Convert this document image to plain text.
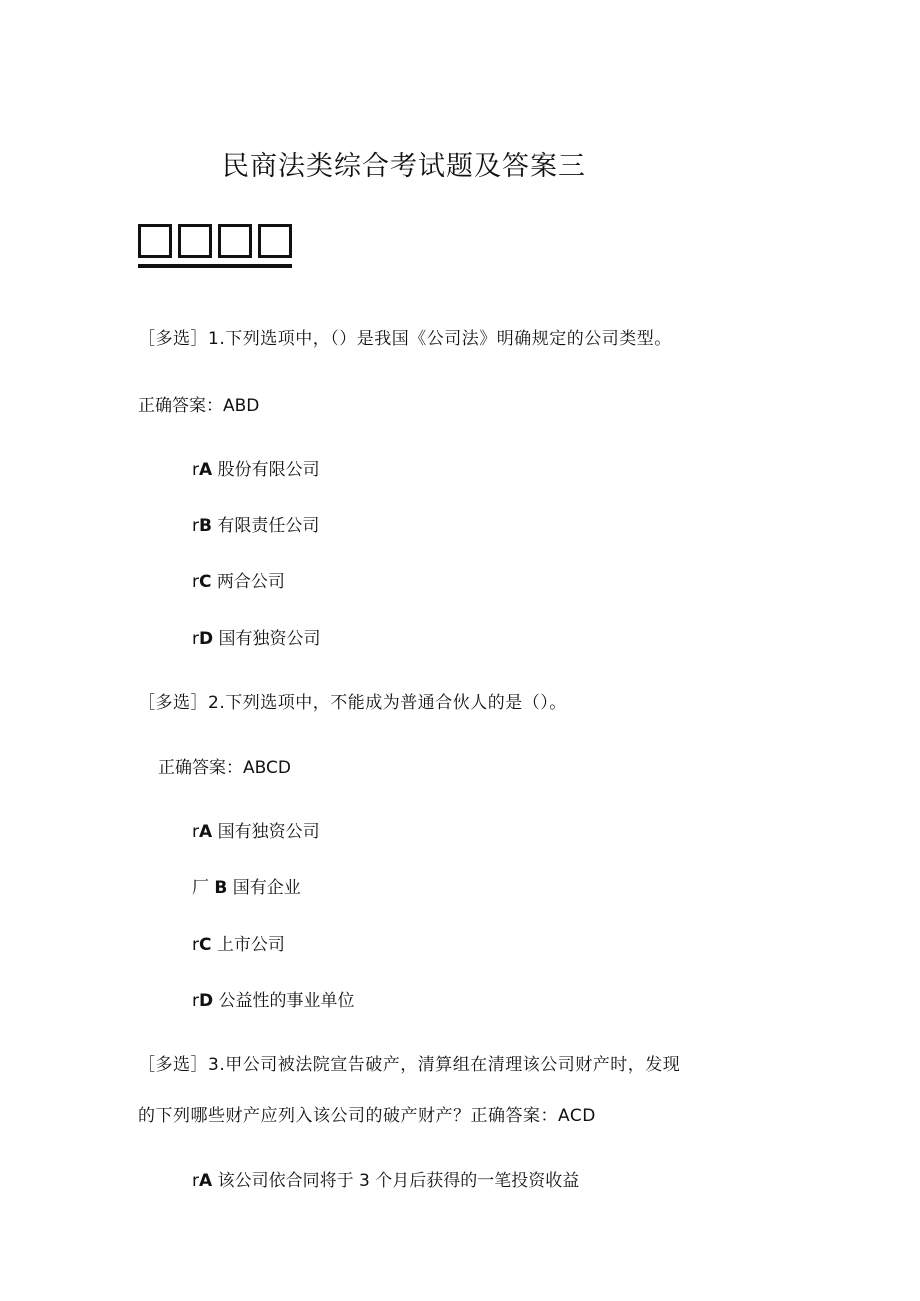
民商法类综合考试题及答案三
［多选］1.下列选项中，（）是我国《公司法》明确规定的公司类型。
正确答案：ABD
rA 股份有限公司
rB 有限责任公司
rC 两合公司
rD 国有独资公司
［多选］2.下列选项中，不能成为普通合伙人的是（）。
正确答案：ABCD
rA 国有独资公司
厂 B 国有企业
rC 上市公司
rD 公益性的事业单位
［多选］3.甲公司被法院宣告破产，清算组在清理该公司财产时，发现
的下列哪些财产应列入该公司的破产财产？正确答案：ACD
rA 该公司依合同将于 3 个月后获得的一笔投资收益
